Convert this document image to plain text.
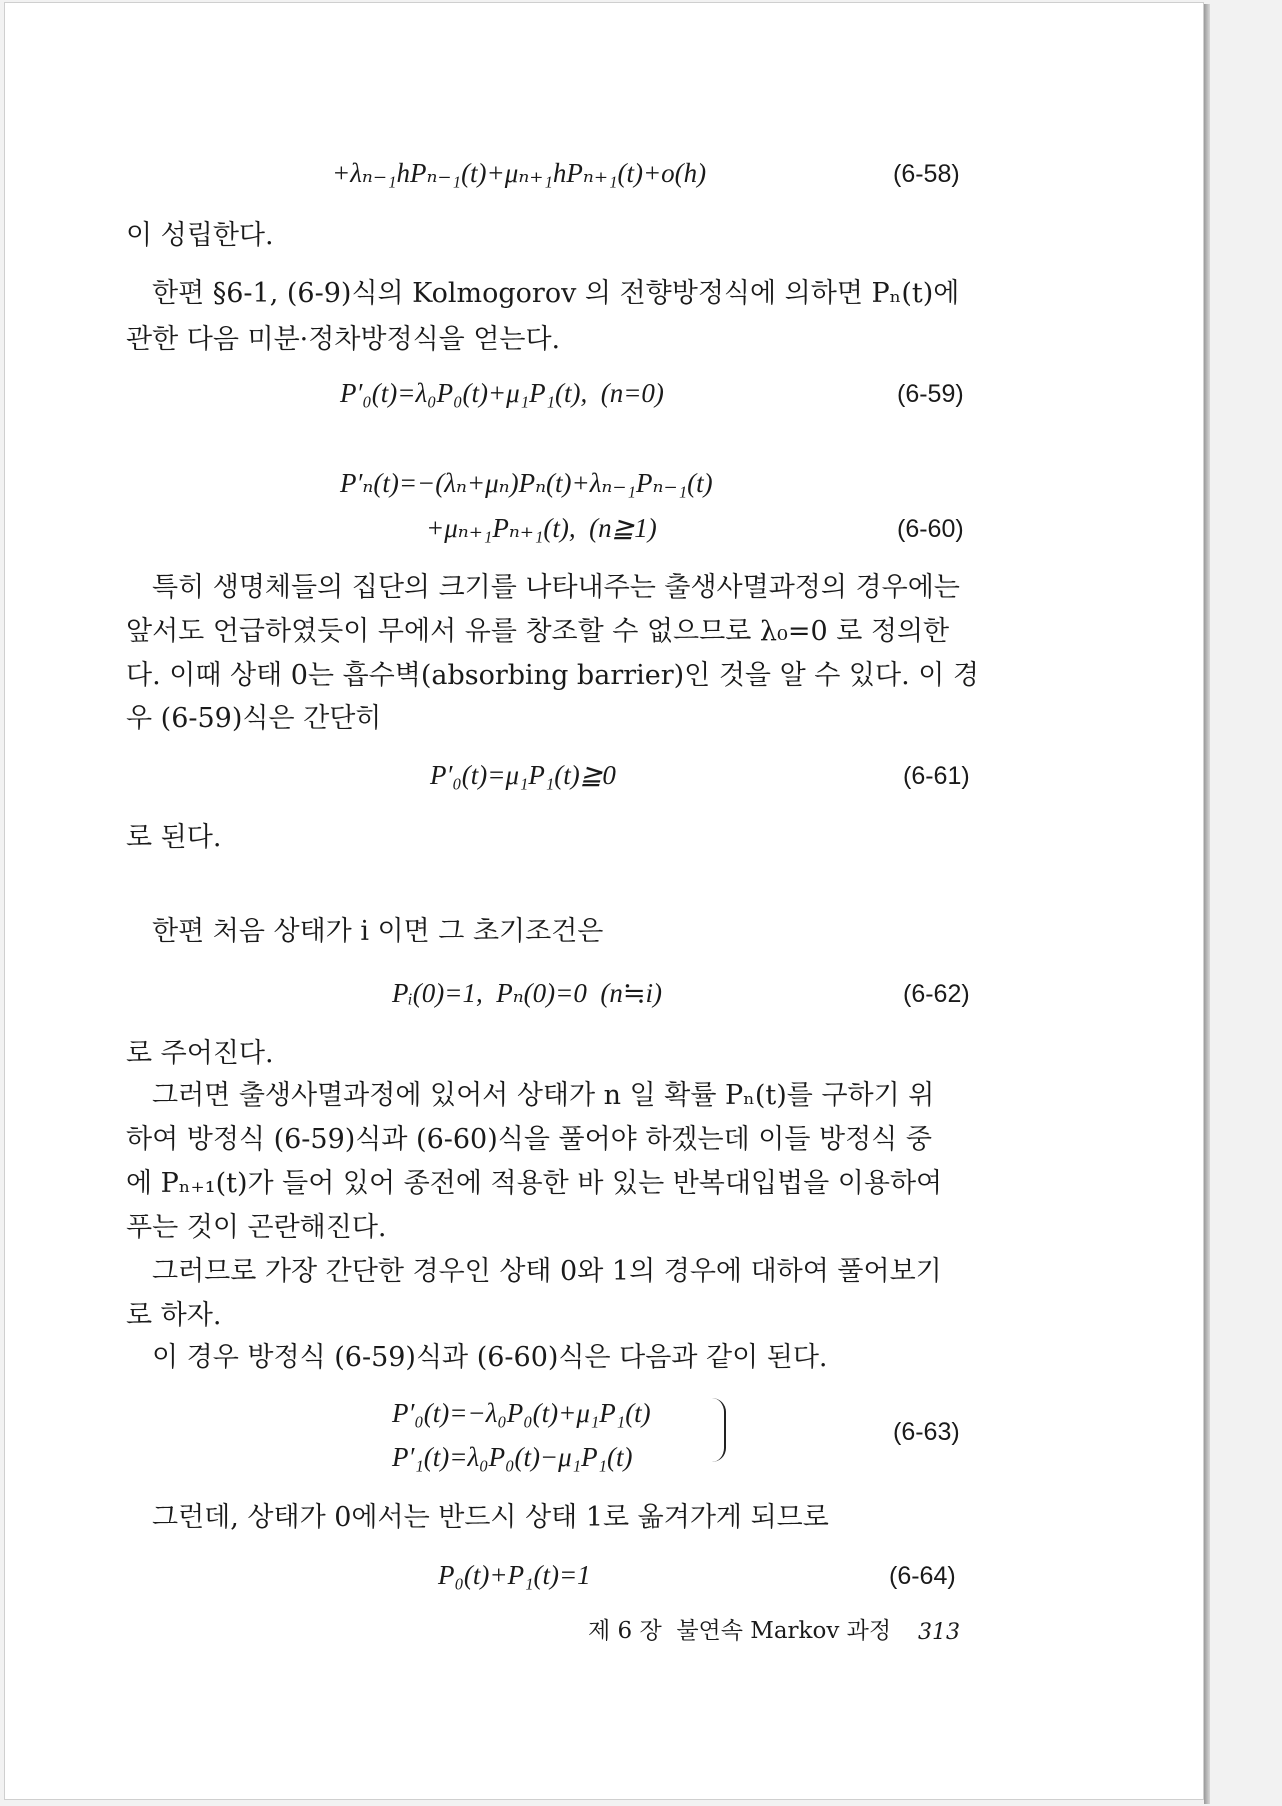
+λₙ₋₁hPₙ₋₁(t)+μₙ₊₁hPₙ₊₁(t)+o(h)	(6-58)
이 성립한다.
한편 §6-1, (6-9)식의 Kolmogorov 의 전향방정식에 의하면 Pₙ(t)에
관한 다음 미분·정차방정식을 얻는다.
P′₀(t)=λ₀P₀(t)+μ₁P₁(t),  (n=0)	(6-59)
P′ₙ(t)=−(λₙ+μₙ)Pₙ(t)+λₙ₋₁Pₙ₋₁(t)
+μₙ₊₁Pₙ₊₁(t),  (n≧1)	(6-60)
특히 생명체들의 집단의 크기를 나타내주는 출생사멸과정의 경우에는
앞서도 언급하였듯이 무에서 유를 창조할 수 없으므로 λ₀=0 로 정의한
다. 이때 상태 0는 흡수벽(absorbing barrier)인 것을 알 수 있다. 이 경
우 (6-59)식은 간단히
P′₀(t)=μ₁P₁(t)≧0	(6-61)
로 된다.
한편 처음 상태가 i 이면 그 초기조건은
Pᵢ(0)=1,  Pₙ(0)=0  (n≒i)	(6-62)
로 주어진다.
그러면 출생사멸과정에 있어서 상태가 n 일 확률 Pₙ(t)를 구하기 위
하여 방정식 (6-59)식과 (6-60)식을 풀어야 하겠는데 이들 방정식 중
에 Pₙ₊₁(t)가 들어 있어 종전에 적용한 바 있는 반복대입법을 이용하여
푸는 것이 곤란해진다.
그러므로 가장 간단한 경우인 상태 0와 1의 경우에 대하여 풀어보기
로 하자.
이 경우 방정식 (6-59)식과 (6-60)식은 다음과 같이 된다.
P′₀(t)=−λ₀P₀(t)+μ₁P₁(t)
P′₁(t)=λ₀P₀(t)−μ₁P₁(t)
(6-63)
그런데, 상태가 0에서는 반드시 상태 1로 옮겨가게 되므로
P₀(t)+P₁(t)=1	(6-64)
제 6 장  불연속 Markov 과정 313
